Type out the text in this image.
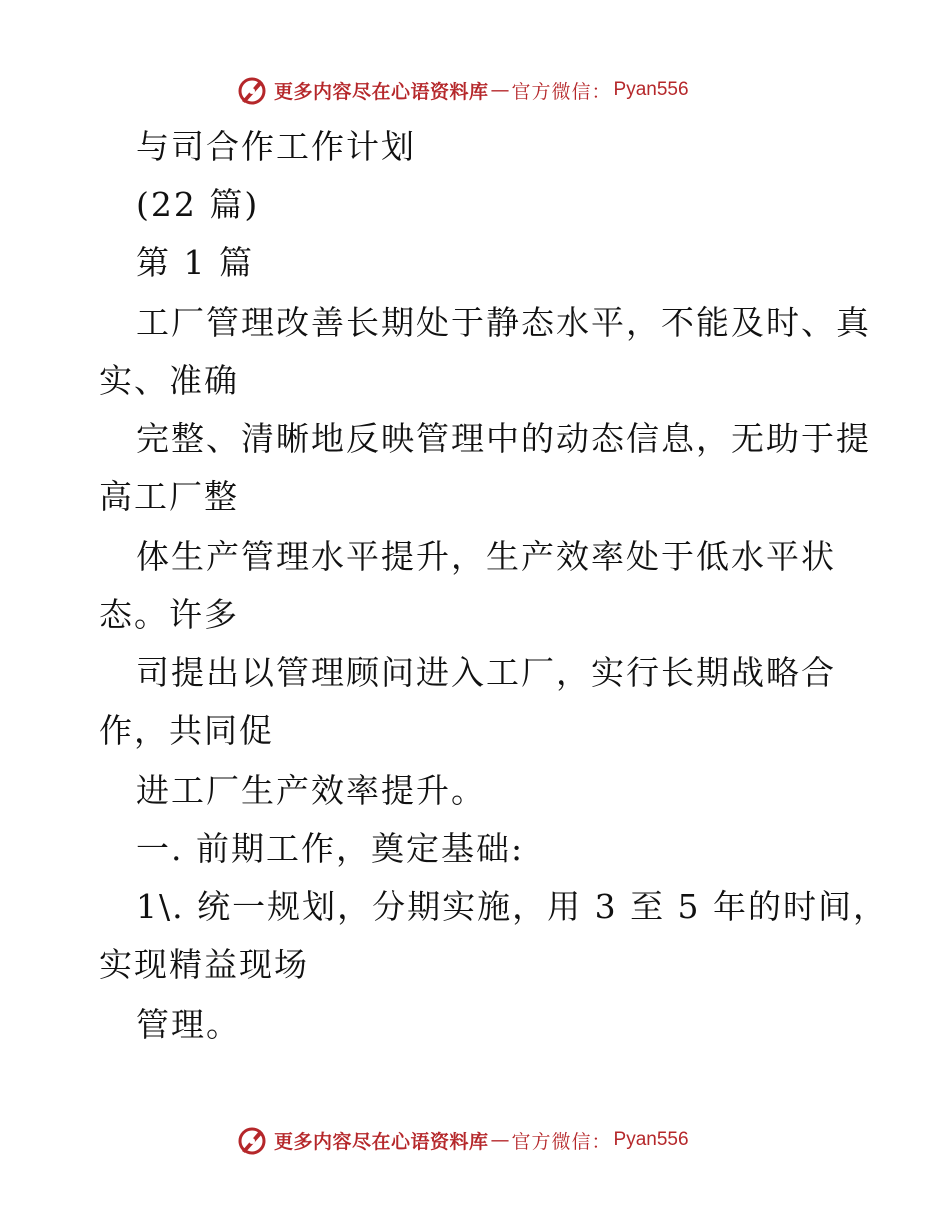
更多内容尽在心语资料库 — 官方微信： Pyan556
与司合作工作计划
(22 篇)
第 1 篇
工厂管理改善长期处于静态水平，不能及时、真
实、准确
完整、清晰地反映管理中的动态信息，无助于提
高工厂整
体生产管理水平提升，生产效率处于低水平状
态。许多
司提出以管理顾问进入工厂，实行长期战略合
作，共同促
进工厂生产效率提升。
一. 前期工作，奠定基础:
1\. 统一规划，分期实施，用 3 至 5 年的时间，
实现精益现场
管理。
更多内容尽在心语资料库 — 官方微信： Pyan556
